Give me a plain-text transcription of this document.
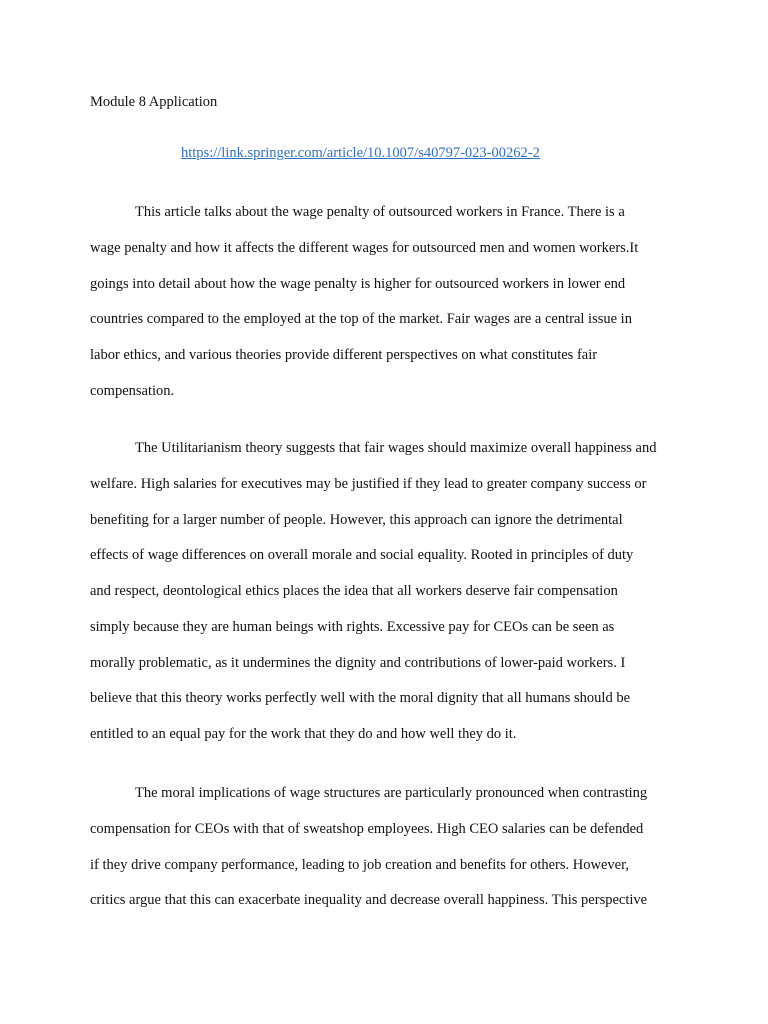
Module 8 Application
https://link.springer.com/article/10.1007/s40797-023-00262-2
This article talks about the wage penalty of outsourced workers in France. There is a
wage penalty and how it affects the different wages for outsourced men and women workers.It
goings into detail about how the wage penalty is higher for outsourced workers in lower end
countries compared to the employed at the top of the market. Fair wages are a central issue in
labor ethics, and various theories provide different perspectives on what constitutes fair
compensation.
The Utilitarianism theory suggests that fair wages should maximize overall happiness and
welfare. High salaries for executives may be justified if they lead to greater company success or
benefiting for a larger number of people. However, this approach can ignore the detrimental
effects of wage differences on overall morale and social equality. Rooted in principles of duty
and respect, deontological ethics places the idea that all workers deserve fair compensation
simply because they are human beings with rights. Excessive pay for CEOs can be seen as
morally problematic, as it undermines the dignity and contributions of lower-paid workers. I
believe that this theory works perfectly well with the moral dignity that all humans should be
entitled to an equal pay for the work that they do and how well they do it.
The moral implications of wage structures are particularly pronounced when contrasting
compensation for CEOs with that of sweatshop employees. High CEO salaries can be defended
if they drive company performance, leading to job creation and benefits for others. However,
critics argue that this can exacerbate inequality and decrease overall happiness. This perspective
